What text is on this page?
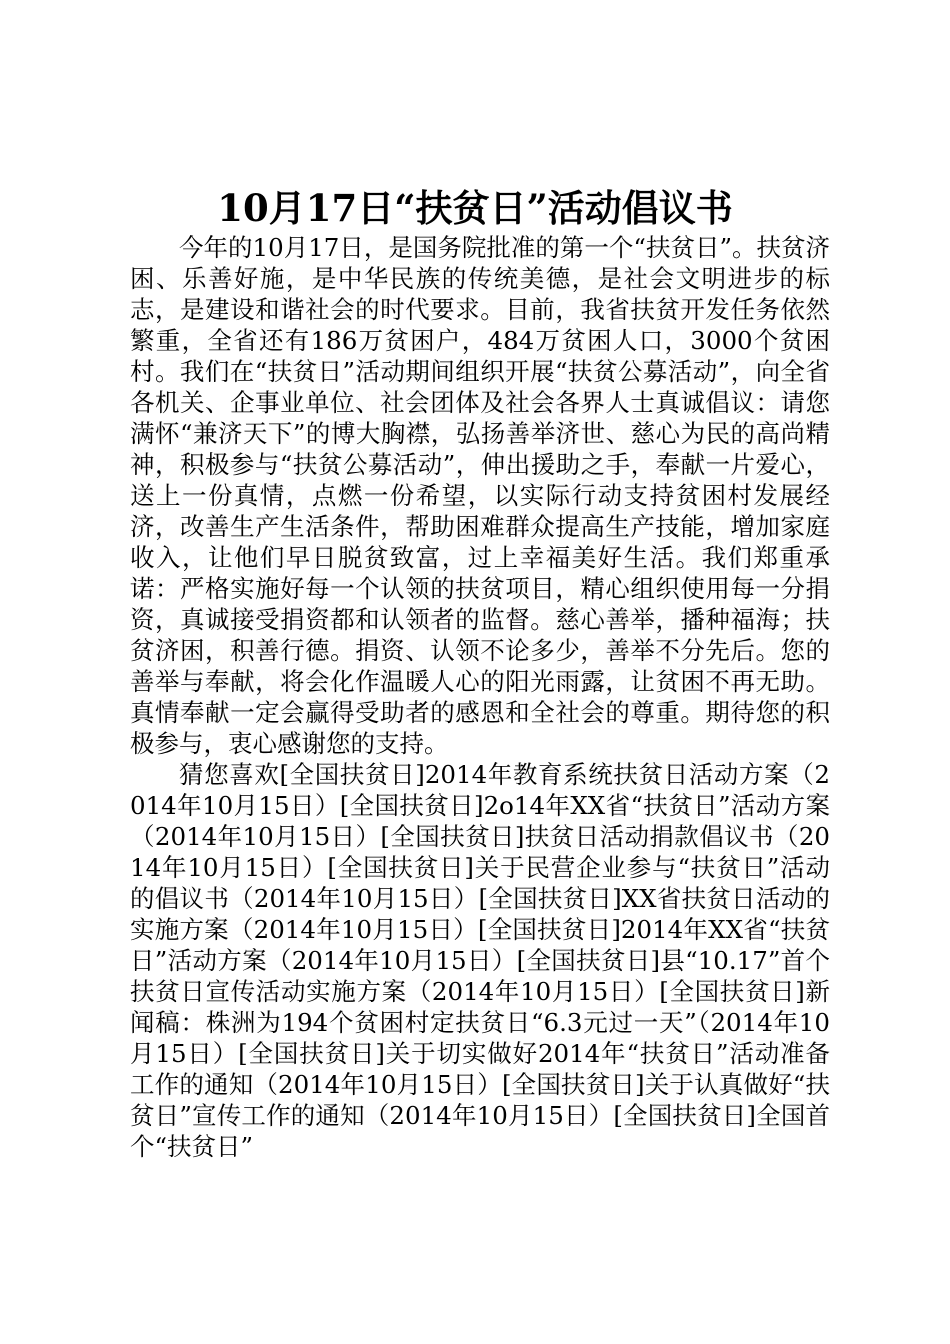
10月17日“扶贫日”活动倡议书

今年的10月17日，是国务院批准的第一个“扶贫日”。扶贫济困、乐善好施，是中华民族的传统美德，是社会文明进步的标志，是建设和谐社会的时代要求。目前，我省扶贫开发任务依然繁重，全省还有186万贫困户，484万贫困人口，3000个贫困村。我们在“扶贫日”活动期间组织开展“扶贫公募活动”，向全省各机关、企事业单位、社会团体及社会各界人士真诚倡议：请您满怀“兼济天下”的博大胸襟，弘扬善举济世、慈心为民的高尚精神，积极参与“扶贫公募活动”，伸出援助之手，奉献一片爱心，送上一份真情，点燃一份希望，以实际行动支持贫困村发展经济，改善生产生活条件，帮助困难群众提高生产技能，增加家庭收入，让他们早日脱贫致富，过上幸福美好生活。我们郑重承诺：严格实施好每一个认领的扶贫项目，精心组织使用每一分捐资，真诚接受捐资都和认领者的监督。慈心善举，播种福海；扶贫济困，积善行德。捐资、认领不论多少，善举不分先后。您的善举与奉献，将会化作温暖人心的阳光雨露，让贫困不再无助。真情奉献一定会赢得受助者的感恩和全社会的尊重。期待您的积极参与，衷心感谢您的支持。

猜您喜欢[全国扶贫日]2014年教育系统扶贫日活动方案（2014年10月15日）[全国扶贫日]2o14年XX省“扶贫日”活动方案（2014年10月15日）[全国扶贫日]扶贫日活动捐款倡议书（2014年10月15日）[全国扶贫日]关于民营企业参与“扶贫日”活动的倡议书（2014年10月15日）[全国扶贫日]XX省扶贫日活动的实施方案（2014年10月15日）[全国扶贫日]2014年XX省“扶贫日”活动方案（2014年10月15日）[全国扶贫日]县“10.17”首个扶贫日宣传活动实施方案（2014年10月15日）[全国扶贫日]新闻稿：株洲为194个贫困村定扶贫日“6.3元过一天”（2014年10月15日）[全国扶贫日]关于切实做好2014年“扶贫日”活动准备工作的通知（2014年10月15日）[全国扶贫日]关于认真做好“扶贫日”宣传工作的通知（2014年10月15日）[全国扶贫日]全国首个“扶贫日”
